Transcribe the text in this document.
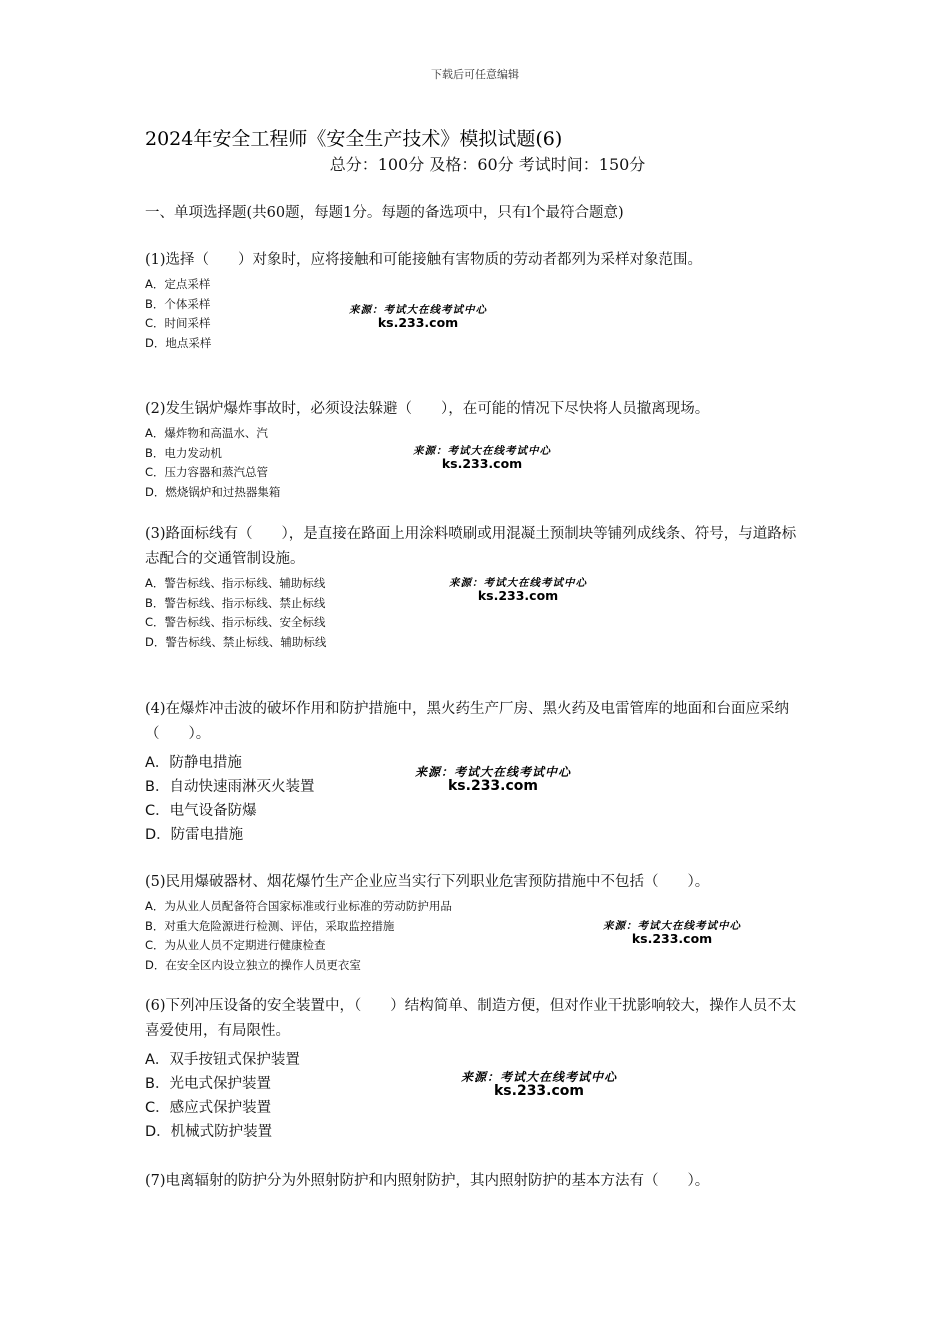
下载后可任意编辑
2024年安全工程师《安全生产技术》模拟试题(6)
总分：100分 及格：60分 考试时间：150分
一、单项选择题(共60题，每题1分。每题的备选项中，只有l个最符合题意)
(1)选择（　　）对象时，应将接触和可能接触有害物质的劳动者都列为采样对象范围。
A．定点采样
B．个体采样
C．时间采样
D．地点采样
来源：考试大在线考试中心
ks.233.com
(2)发生锅炉爆炸事故时，必须设法躲避（　　），在可能的情况下尽快将人员撤离现场。
A．爆炸物和高温水、汽
B．电力发动机
C．压力容器和蒸汽总管
D．燃烧锅炉和过热器集箱
来源：考试大在线考试中心
ks.233.com
(3)路面标线有（　　），是直接在路面上用涂料喷刷或用混凝土预制块等铺列成线条、符号，与道路标志配合的交通管制设施。
A．警告标线、指示标线、辅助标线
B．警告标线、指示标线、禁止标线
C．警告标线、指示标线、安全标线
D．警告标线、禁止标线、辅助标线
来源：考试大在线考试中心
ks.233.com
(4)在爆炸冲击波的破坏作用和防护措施中，黑火药生产厂房、黑火药及电雷管库的地面和台面应采纳（　　）。
A．防静电措施
B．自动快速雨淋灭火装置
C．电气设备防爆
D．防雷电措施
来源：考试大在线考试中心
ks.233.com
(5)民用爆破器材、烟花爆竹生产企业应当实行下列职业危害预防措施中不包括（　　）。
A．为从业人员配备符合国家标准或行业标准的劳动防护用品
B．对重大危险源进行检测、评估，采取监控措施
C．为从业人员不定期进行健康检查
D．在安全区内设立独立的操作人员更衣室
来源：考试大在线考试中心
ks.233.com
(6)下列冲压设备的安全装置中，（　　）结构简单、制造方便，但对作业干扰影响较大，操作人员不太喜爱使用，有局限性。
A．双手按钮式保护装置
B．光电式保护装置
C．感应式保护装置
D．机械式防护装置
来源：考试大在线考试中心
ks.233.com
(7)电离辐射的防护分为外照射防护和内照射防护，其内照射防护的基本方法有（　　）。
